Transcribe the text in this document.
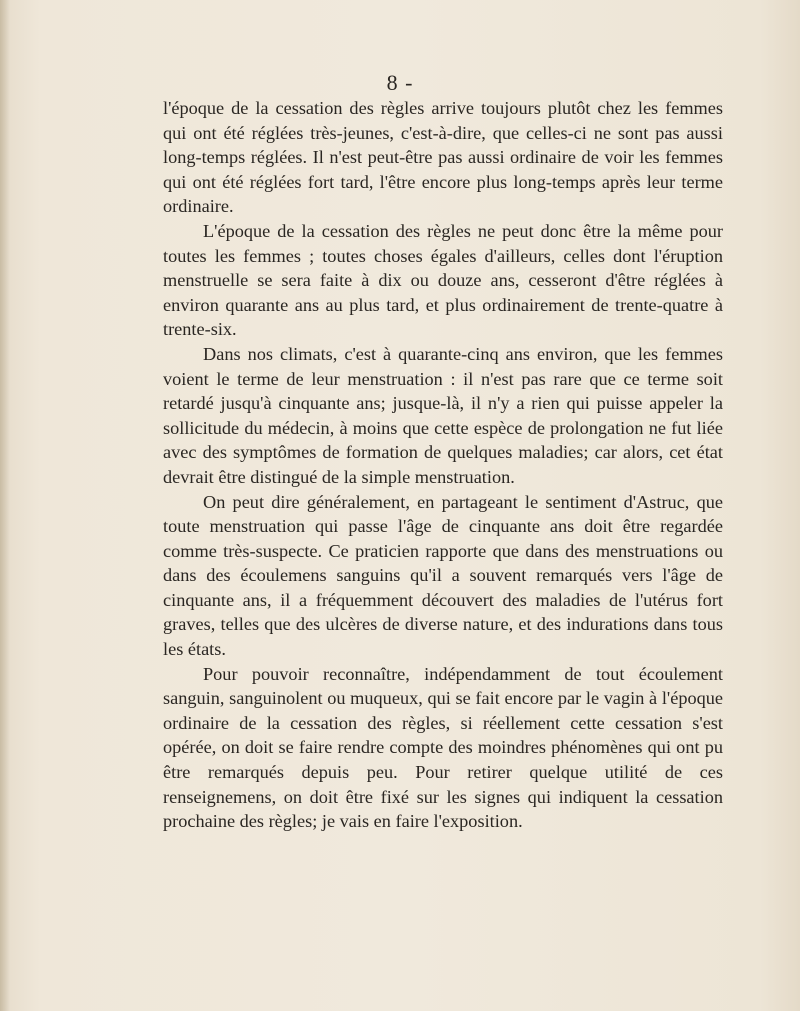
8 -

l'époque de la cessation des règles arrive toujours plutôt chez les femmes qui ont été réglées très-jeunes, c'est-à-dire, que celles-ci ne sont pas aussi long-temps réglées. Il n'est peut-être pas aussi ordinaire de voir les femmes qui ont été réglées fort tard, l'être encore plus long-temps après leur terme ordinaire.

L'époque de la cessation des règles ne peut donc être la même pour toutes les femmes ; toutes choses égales d'ailleurs, celles dont l'éruption menstruelle se sera faite à dix ou douze ans, cesseront d'être réglées à environ quarante ans au plus tard, et plus ordinairement de trente-quatre à trente-six.

Dans nos climats, c'est à quarante-cinq ans environ, que les femmes voient le terme de leur menstruation : il n'est pas rare que ce terme soit retardé jusqu'à cinquante ans; jusque-là, il n'y a rien qui puisse appeler la sollicitude du médecin, à moins que cette espèce de prolongation ne fut liée avec des symptômes de formation de quelques maladies; car alors, cet état devrait être distingué de la simple menstruation.

On peut dire généralement, en partageant le sentiment d'Astruc, que toute menstruation qui passe l'âge de cinquante ans doit être regardée comme très-suspecte. Ce praticien rapporte que dans des menstruations ou dans des écoulemens sanguins qu'il a souvent remarqués vers l'âge de cinquante ans, il a fréquemment découvert des maladies de l'utérus fort graves, telles que des ulcères de diverse nature, et des indurations dans tous les états.

Pour pouvoir reconnaître, indépendamment de tout écoulement sanguin, sanguinolent ou muqueux, qui se fait encore par le vagin à l'époque ordinaire de la cessation des règles, si réellement cette cessation s'est opérée, on doit se faire rendre compte des moindres phénomènes qui ont pu être remarqués depuis peu. Pour retirer quelque utilité de ces renseignemens, on doit être fixé sur les signes qui indiquent la cessation prochaine des règles; je vais en faire l'exposition.
